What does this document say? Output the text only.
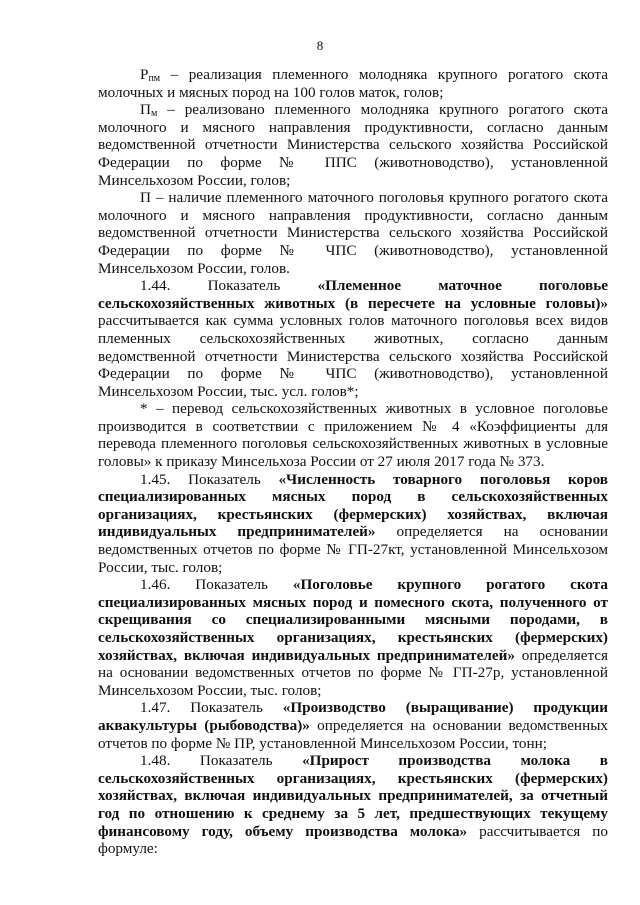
8

$P_{пм}$ – реализация племенного молодняка крупного рогатого скота молочных и мясных пород на 100 голов маток, голов;

$П_м$ – реализовано племенного молодняка крупного рогатого скота молочного и мясного направления продуктивности, согласно данным ведомственной отчетности Министерства сельского хозяйства Российской Федерации по форме № ППС (животноводство), установленной Минсельхозом России, голов;

П – наличие племенного маточного поголовья крупного рогатого скота молочного и мясного направления продуктивности, согласно данным ведомственной отчетности Министерства сельского хозяйства Российской Федерации по форме № ЧПС (животноводство), установленной Минсельхозом России, голов.

1.44. Показатель «Племенное маточное поголовье сельскохозяйственных животных (в пересчете на условные головы)» рассчитывается как сумма условных голов маточного поголовья всех видов племенных сельскохозяйственных животных, согласно данным ведомственной отчетности Министерства сельского хозяйства Российской Федерации по форме № ЧПС (животноводство), установленной Минсельхозом России, тыс. усл. голов*;

* – перевод сельскохозяйственных животных в условное поголовье производится в соответствии с приложением № 4 «Коэффициенты для перевода племенного поголовья сельскохозяйственных животных в условные головы» к приказу Минсельхоза России от 27 июля 2017 года № 373.

1.45. Показатель «Численность товарного поголовья коров специализированных мясных пород в сельскохозяйственных организациях, крестьянских (фермерских) хозяйствах, включая индивидуальных предпринимателей» определяется на основании ведомственных отчетов по форме № ГП-27кт, установленной Минсельхозом России, тыс. голов;

1.46. Показатель «Поголовье крупного рогатого скота специализированных мясных пород и помесного скота, полученного от скрещивания со специализированными мясными породами, в сельскохозяйственных организациях, крестьянских (фермерских) хозяйствах, включая индивидуальных предпринимателей» определяется на основании ведомственных отчетов по форме № ГП-27р, установленной Минсельхозом России, тыс. голов;

1.47. Показатель «Производство (выращивание) продукции аквакультуры (рыбоводства)» определяется на основании ведомственных отчетов по форме № ПР, установленной Минсельхозом России, тонн;

1.48. Показатель «Прирост производства молока в сельскохозяйственных организациях, крестьянских (фермерских) хозяйствах, включая индивидуальных предпринимателей, за отчетный год по отношению к среднему за 5 лет, предшествующих текущему финансовому году, объему производства молока» рассчитывается по формуле:
